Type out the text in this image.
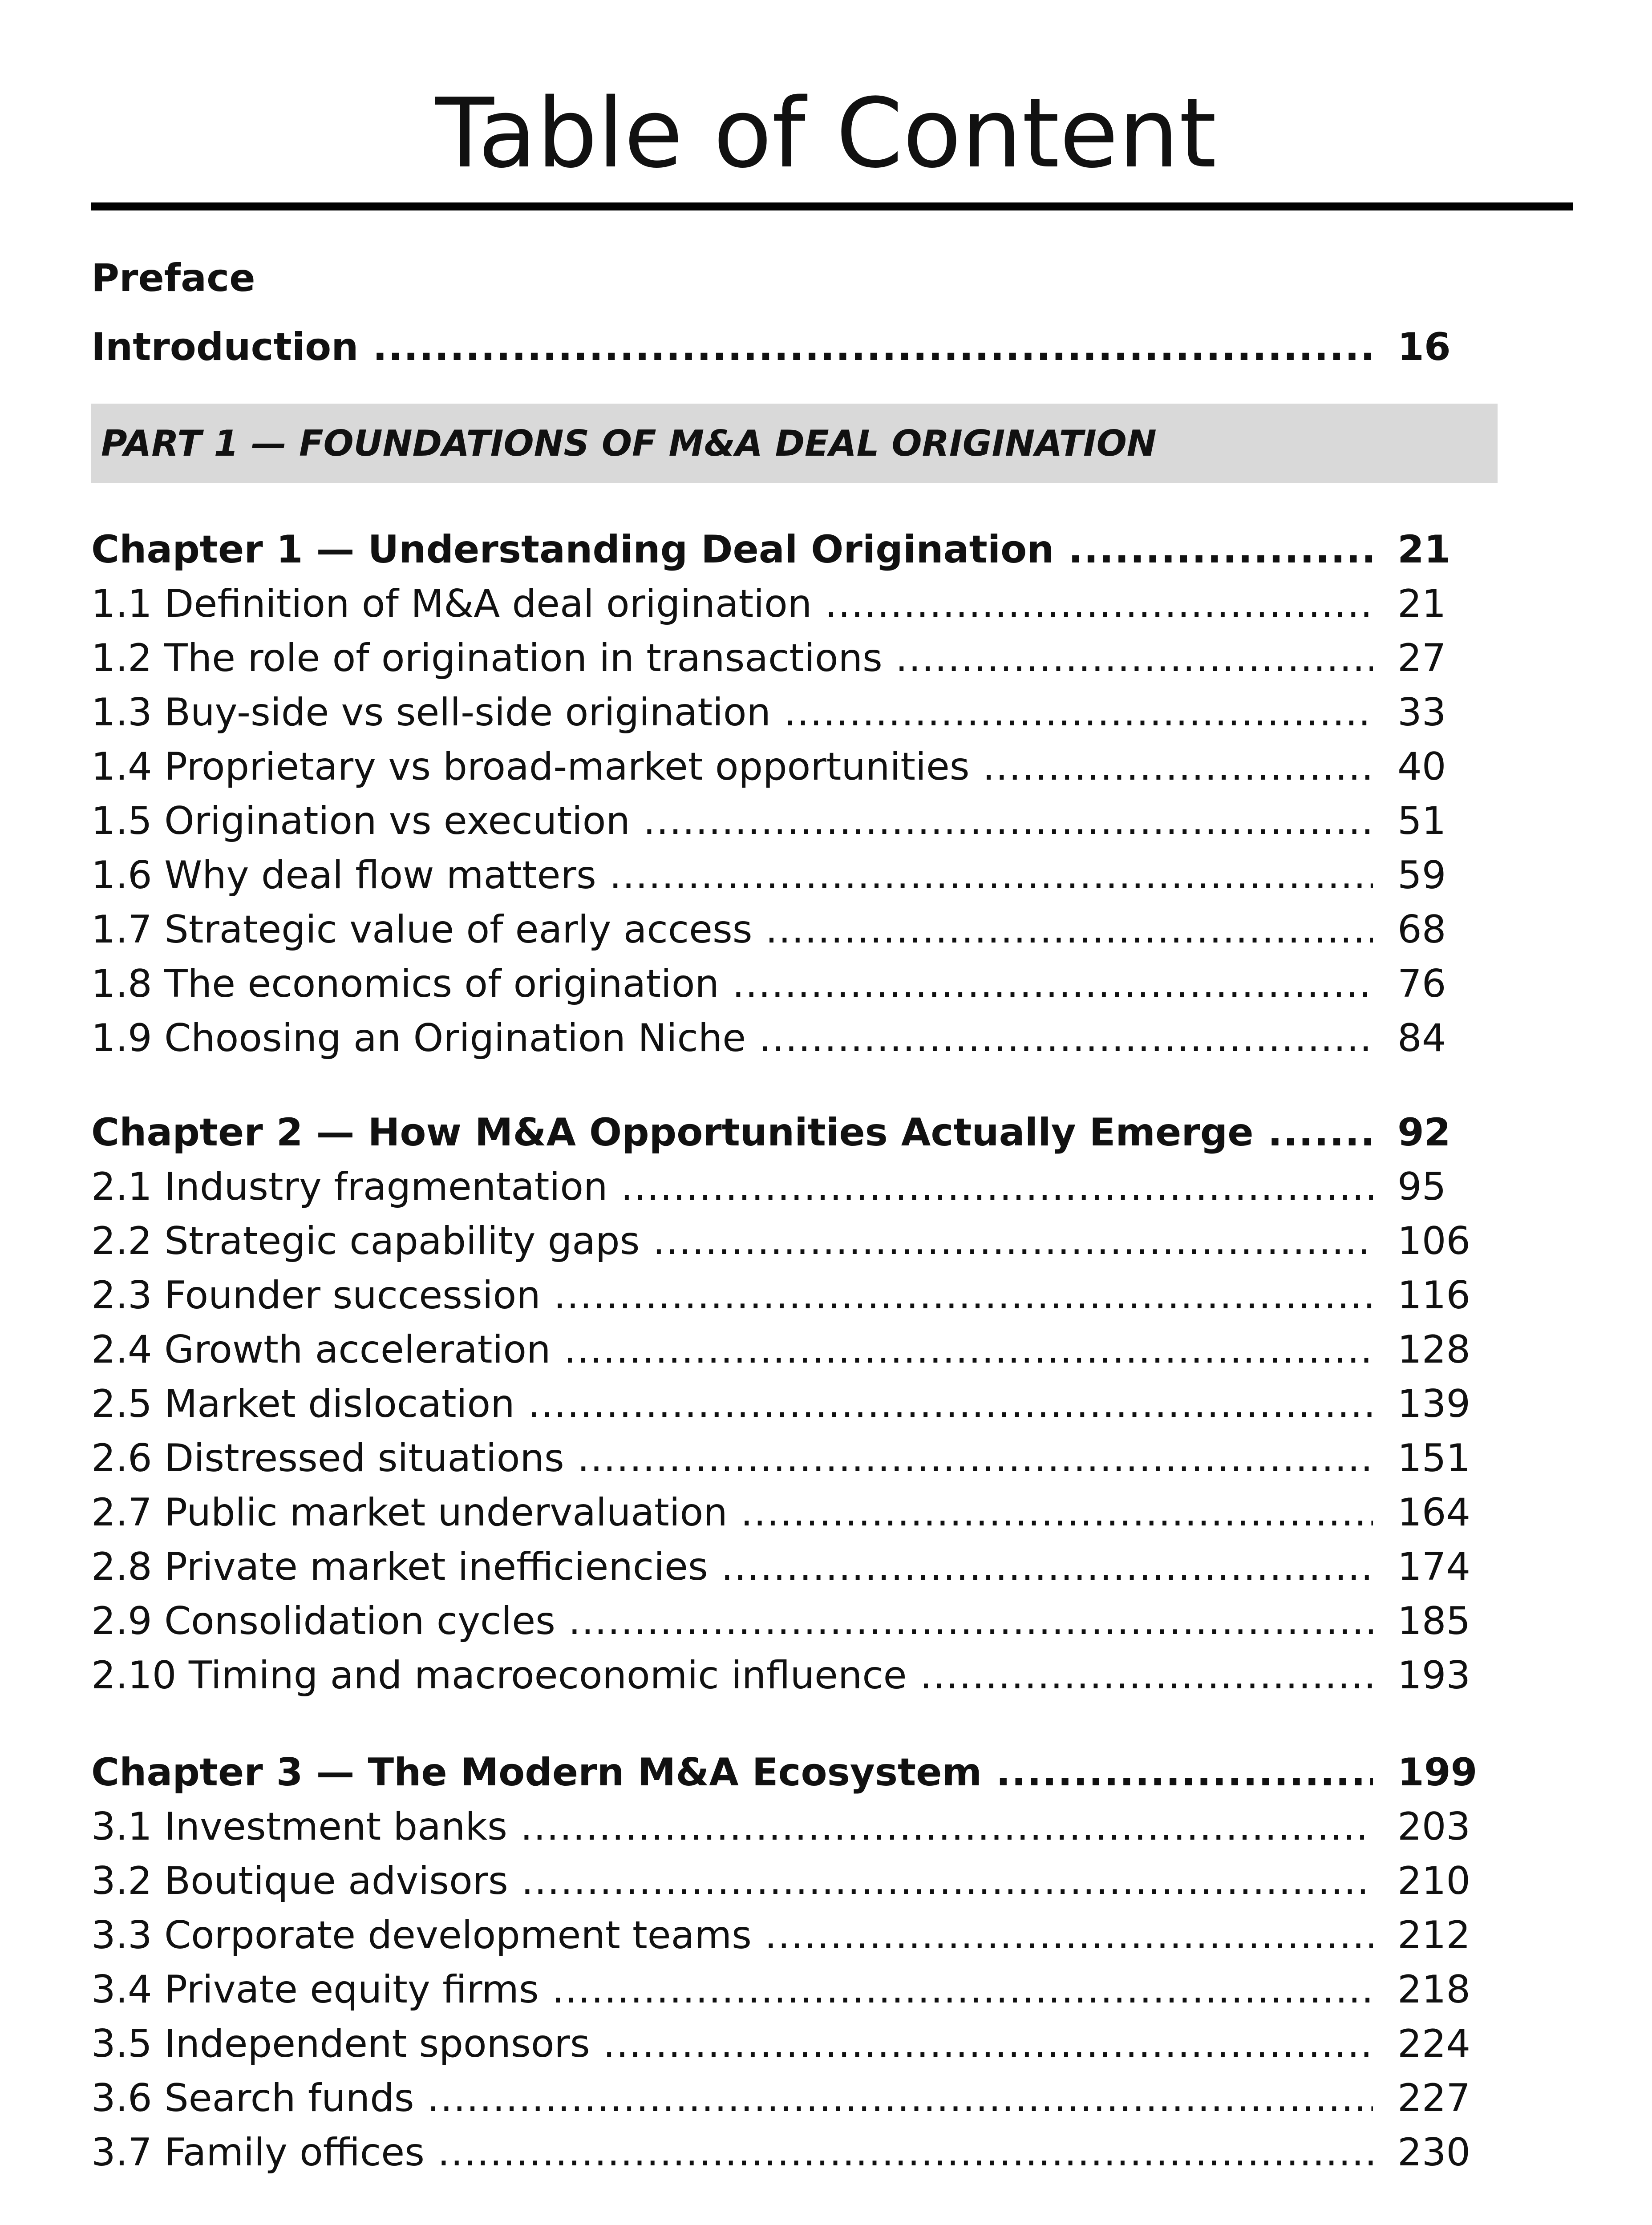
Table of Content
Preface
Introduction .....	16
PART 1 — FOUNDATIONS OF M&A DEAL ORIGINATION
Chapter 1 — Understanding Deal Origination .....	21
1.1 Definition of M&A deal origination .....	21
1.2 The role of origination in transactions .....	27
1.3 Buy-side vs sell-side origination .....	33
1.4 Proprietary vs broad-market opportunities .....	40
1.5 Origination vs execution .....	51
1.6 Why deal flow matters .....	59
1.7 Strategic value of early access .....	68
1.8 The economics of origination .....	76
1.9 Choosing an Origination Niche .....	84
Chapter 2 — How M&A Opportunities Actually Emerge .....	92
2.1 Industry fragmentation .....	95
2.2 Strategic capability gaps .....	106
2.3 Founder succession .....	116
2.4 Growth acceleration .....	128
2.5 Market dislocation .....	139
2.6 Distressed situations .....	151
2.7 Public market undervaluation .....	164
2.8 Private market inefficiencies .....	174
2.9 Consolidation cycles .....	185
2.10 Timing and macroeconomic influence .....	193
Chapter 3 — The Modern M&A Ecosystem .....	199
3.1 Investment banks .....	203
3.2 Boutique advisors .....	210
3.3 Corporate development teams .....	212
3.4 Private equity firms .....	218
3.5 Independent sponsors .....	224
3.6 Search funds .....	227
3.7 Family offices .....	230
